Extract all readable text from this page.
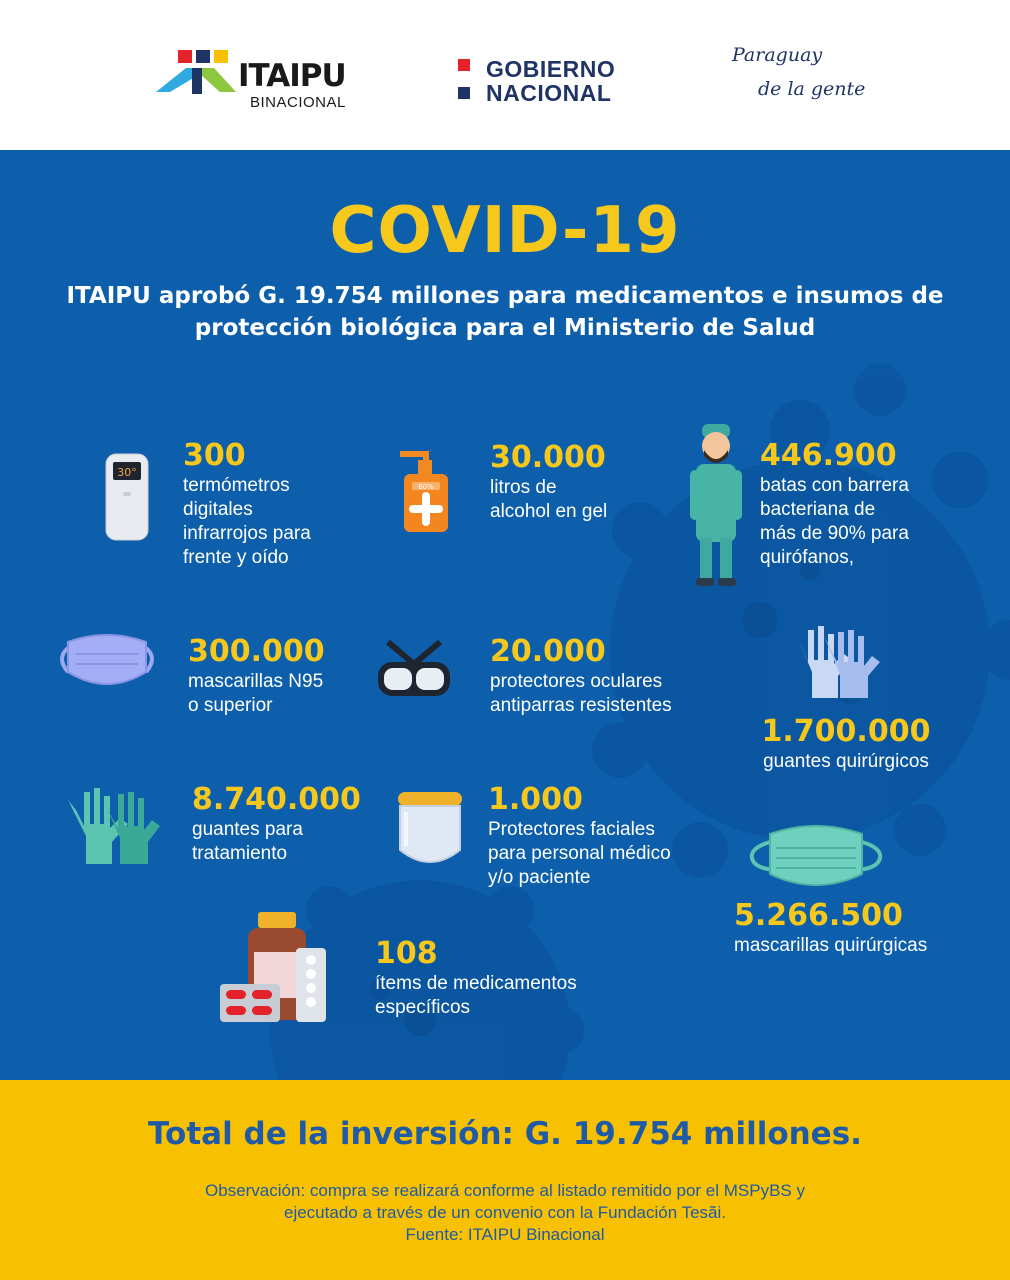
ITAIPU
BINACIONAL
GOBIERNO
NACIONAL
Paraguay
de la gente
COVID-19
ITAIPU aprobó G. 19.754 millones para medicamentos e insumos de protección biológica para el Ministerio de Salud
30° 300
termómetros
digitales
infrarrojos para
frente y oído
60%
30.000
litros de
alcohol en gel
446.900
batas con barrera
bacteriana de
más de 90% para
quirófanos,
300.000
mascarillas N95
o superior
20.000
protectores oculares
antiparras resistentes
1.700.000
guantes quirúrgicos
8.740.000
guantes para
tratamiento
1.000
Protectores faciales
para personal médico
y/o paciente
5.266.500
mascarillas quirúrgicas
108
ítems de medicamentos
específicos
Total de la inversión: G. 19.754 millones.
Observación: compra se realizará conforme al listado remitido por el MSPyBS y
ejecutado a través de un convenio con la Fundación Tesãi.
Fuente: ITAIPU Binacional
